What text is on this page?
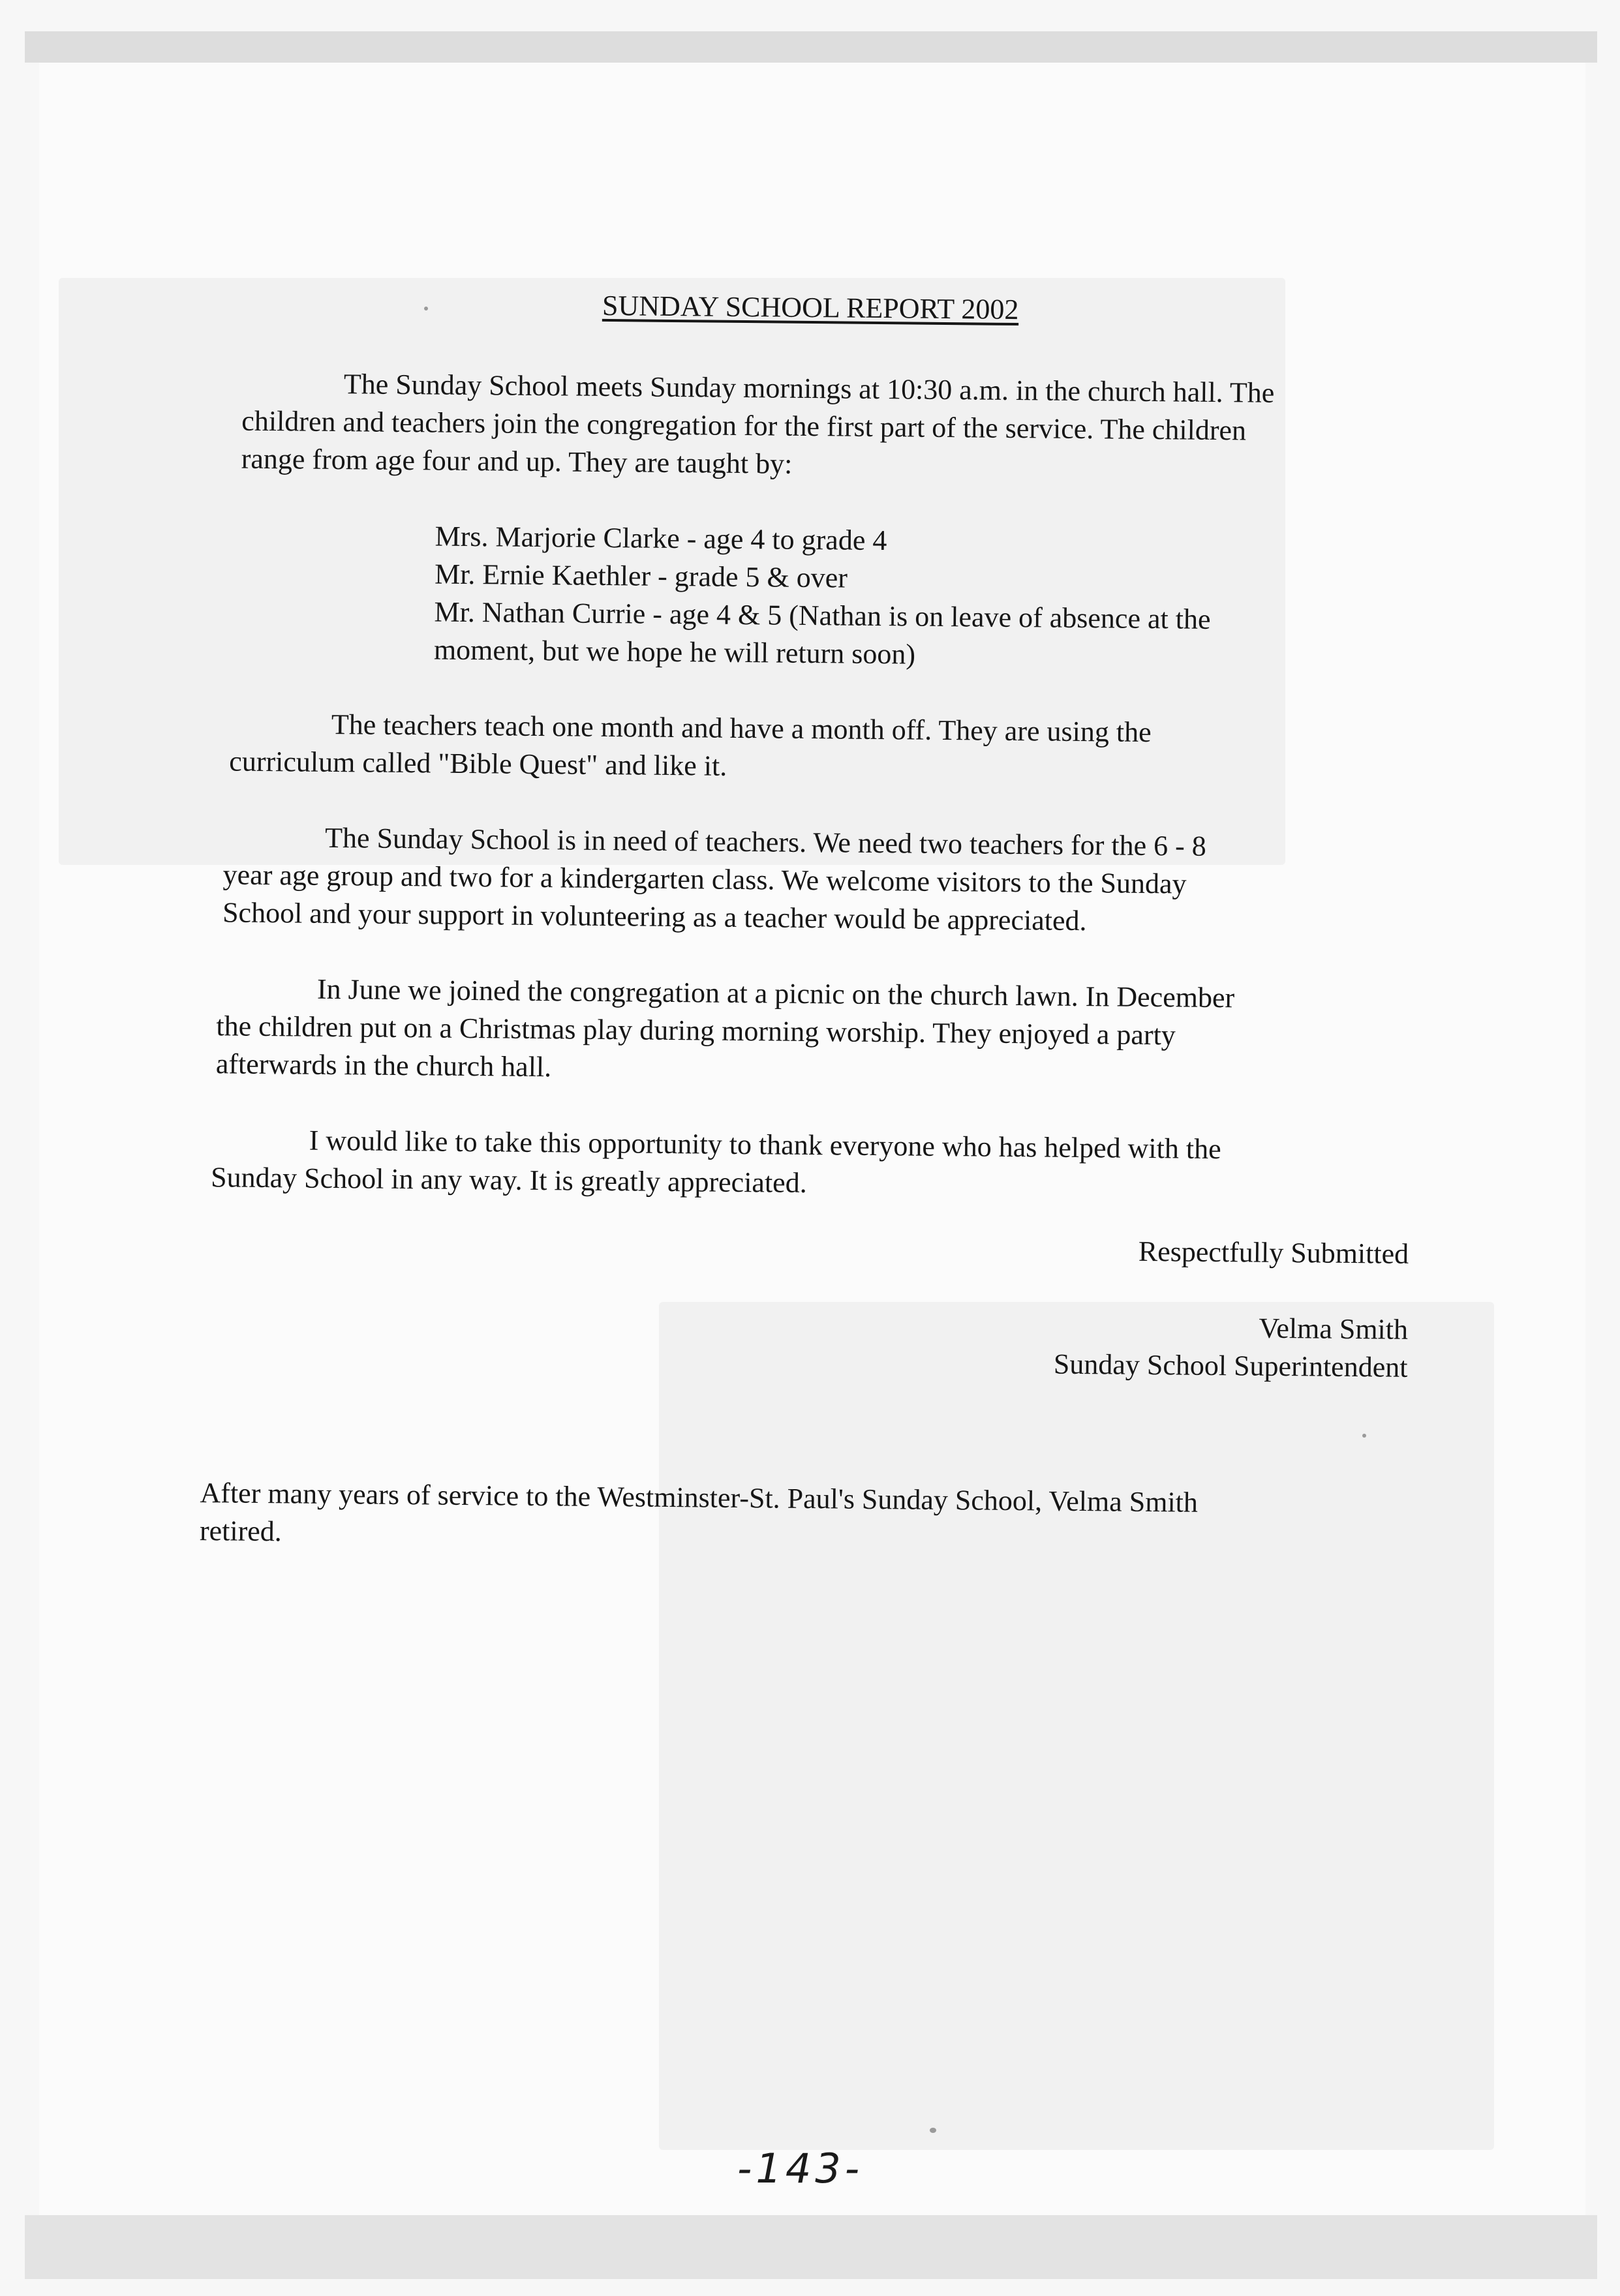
SUNDAY SCHOOL REPORT 2002
The Sunday School meets Sunday mornings at 10:30 a.m. in the church hall. The
children and teachers join the congregation for the first part of the service. The children
range from age four and up. They are taught by:
Mrs. Marjorie Clarke - age 4 to grade 4
Mr. Ernie Kaethler - grade 5 & over
Mr. Nathan Currie - age 4 & 5 (Nathan is on leave of absence at the
moment, but we hope he will return soon)
The teachers teach one month and have a month off. They are using the
curriculum called "Bible Quest" and like it.
The Sunday School is in need of teachers. We need two teachers for the 6 - 8
year age group and two for a kindergarten class. We welcome visitors to the Sunday
School and your support in volunteering as a teacher would be appreciated.
In June we joined the congregation at a picnic on the church lawn. In December
the children put on a Christmas play during morning worship. They enjoyed a party
afterwards in the church hall.
I would like to take this opportunity to thank everyone who has helped with the
Sunday School in any way. It is greatly appreciated.
Respectfully Submitted
Velma Smith
Sunday School Superintendent
After many years of service to the Westminster-St. Paul's Sunday School, Velma Smith
retired.
-143-
